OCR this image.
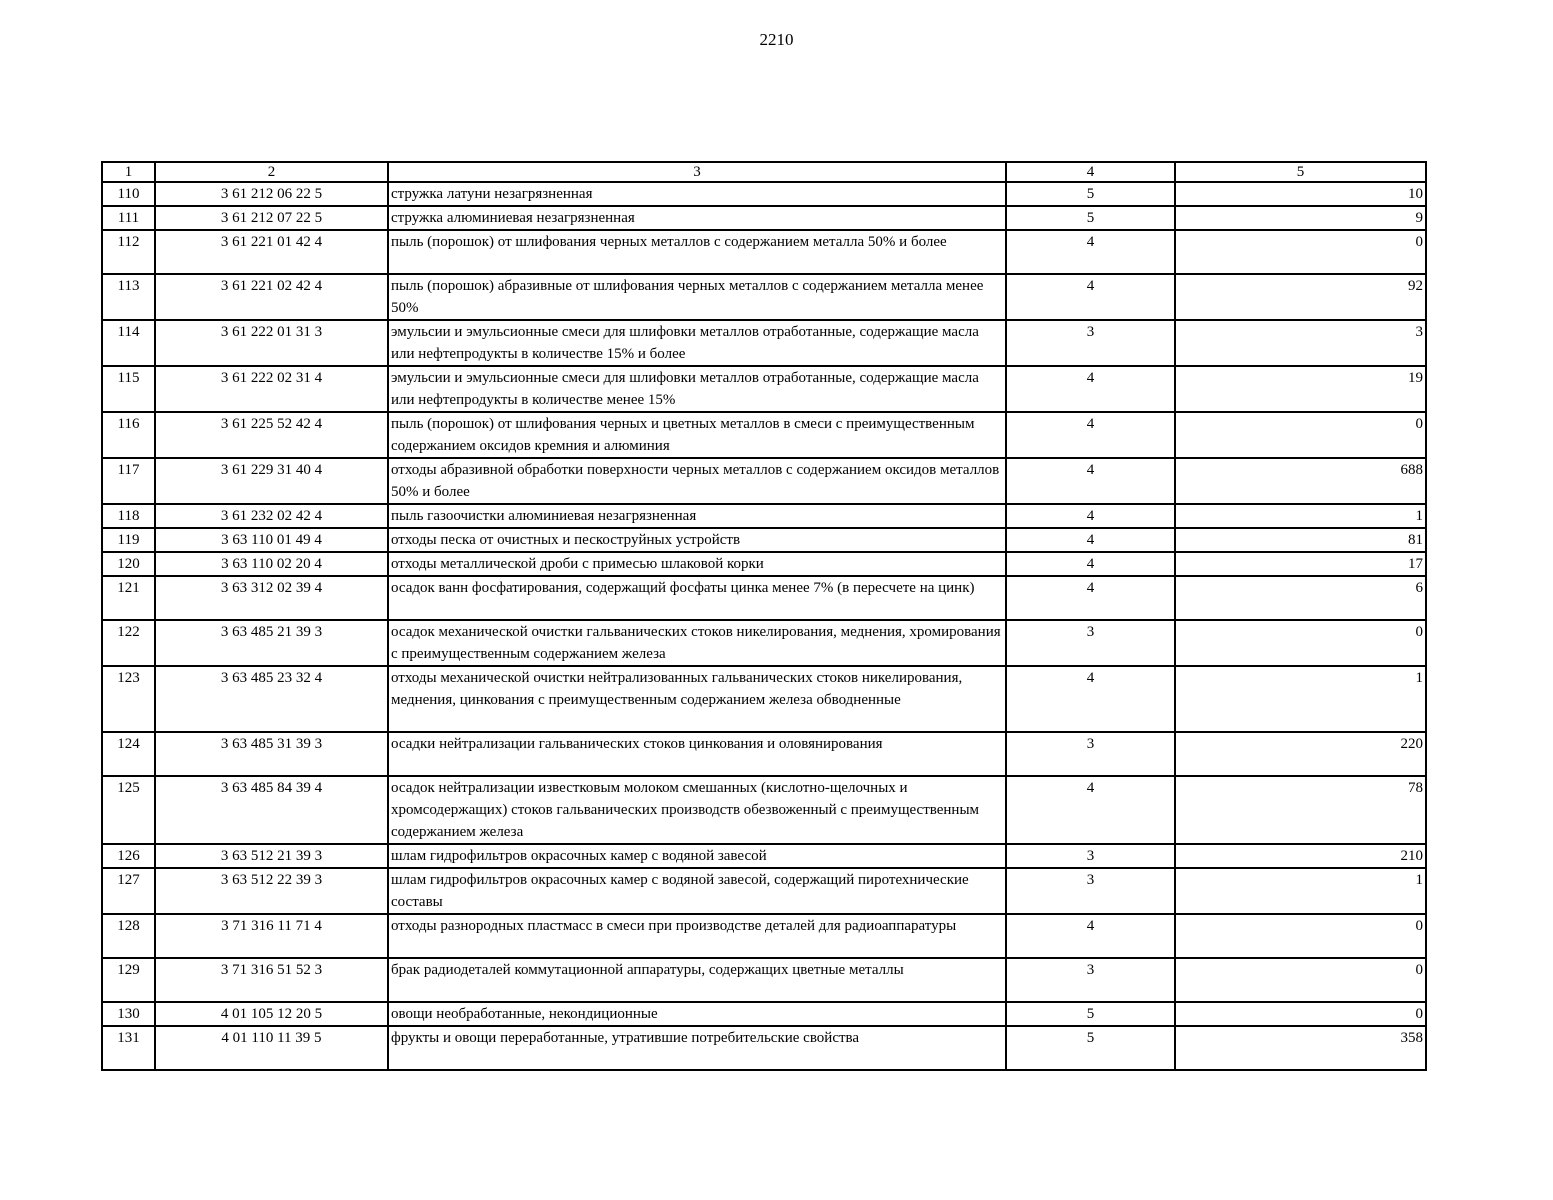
2210
1	2	3	4	5
110	3 61 212 06 22 5	стружка латуни незагрязненная	5	10
111	3 61 212 07 22 5	стружка алюминиевая незагрязненная	5	9
112	3 61 221 01 42 4	пыль (порошок) от шлифования черных металлов с содержанием металла 50% и более	4	0
113	3 61 221 02 42 4	пыль (порошок) абразивные от шлифования черных металлов с содержанием металла менее 50%	4	92
114	3 61 222 01 31 3	эмульсии и эмульсионные смеси для шлифовки металлов отработанные, содержащие масла или нефтепродукты в количестве 15% и более	3	3
115	3 61 222 02 31 4	эмульсии и эмульсионные смеси для шлифовки металлов отработанные, содержащие масла или нефтепродукты в количестве менее 15%	4	19
116	3 61 225 52 42 4	пыль (порошок) от шлифования черных и цветных металлов в смеси с преимущественным содержанием оксидов кремния и алюминия	4	0
117	3 61 229 31 40 4	отходы абразивной обработки поверхности черных металлов с содержанием оксидов металлов 50% и более	4	688
118	3 61 232 02 42 4	пыль газоочистки алюминиевая незагрязненная	4	1
119	3 63 110 01 49 4	отходы песка от очистных и пескоструйных устройств	4	81
120	3 63 110 02 20 4	отходы металлической дроби с примесью шлаковой корки	4	17
121	3 63 312 02 39 4	осадок ванн фосфатирования, содержащий фосфаты цинка менее 7% (в пересчете на цинк)	4	6
122	3 63 485 21 39 3	осадок механической очистки гальванических стоков никелирования, меднения, хромирования с преимущественным содержанием железа	3	0
123	3 63 485 23 32 4	отходы механической очистки нейтрализованных гальванических стоков никелирования, меднения, цинкования с преимущественным содержанием железа обводненные	4	1
124	3 63 485 31 39 3	осадки нейтрализации гальванических стоков цинкования и оловянирования	3	220
125	3 63 485 84 39 4	осадок нейтрализации известковым молоком смешанных (кислотно-щелочных и хромсодержащих) стоков гальванических производств обезвоженный с преимущественным содержанием железа	4	78
126	3 63 512 21 39 3	шлам гидрофильтров окрасочных камер с водяной завесой	3	210
127	3 63 512 22 39 3	шлам гидрофильтров окрасочных камер с водяной завесой, содержащий пиротехнические составы	3	1
128	3 71 316 11 71 4	отходы разнородных пластмасс в смеси при производстве деталей для радиоаппаратуры	4	0
129	3 71 316 51 52 3	брак радиодеталей коммутационной аппаратуры, содержащих цветные металлы	3	0
130	4 01 105 12 20 5	овощи необработанные, некондиционные	5	0
131	4 01 110 11 39 5	фрукты и овощи переработанные, утратившие потребительские свойства	5	358
